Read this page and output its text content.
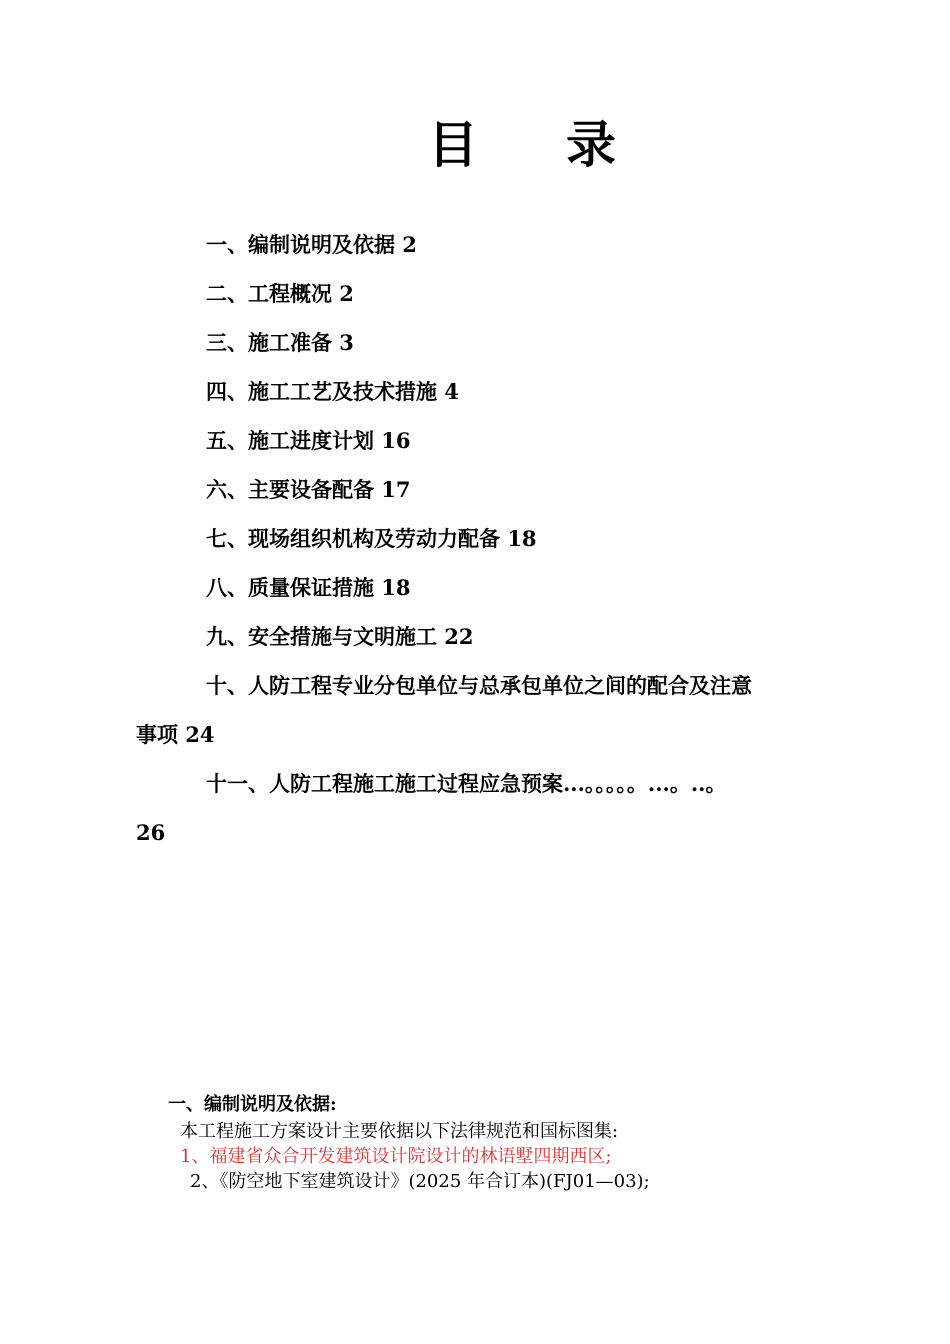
目 录
一、编制说明及依据 2
二、工程概况 2
三、施工准备 3
四、施工工艺及技术措施 4
五、施工进度计划 16
六、主要设备配备 17
七、现场组织机构及劳动力配备 18
八、质量保证措施 18
九、安全措施与文明施工 22
十、人防工程专业分包单位与总承包单位之间的配合及注意
事项 24
十一、人防工程施工施工过程应急预案...。。。。。...。..。
26
一、编制说明及依据:
本工程施工方案设计主要依据以下法律规范和国标图集:
1、福建省众合开发建筑设计院设计的林语墅四期西区;
2、《防空地下室建筑设计》(2025 年合订本)(FJ01—03);
